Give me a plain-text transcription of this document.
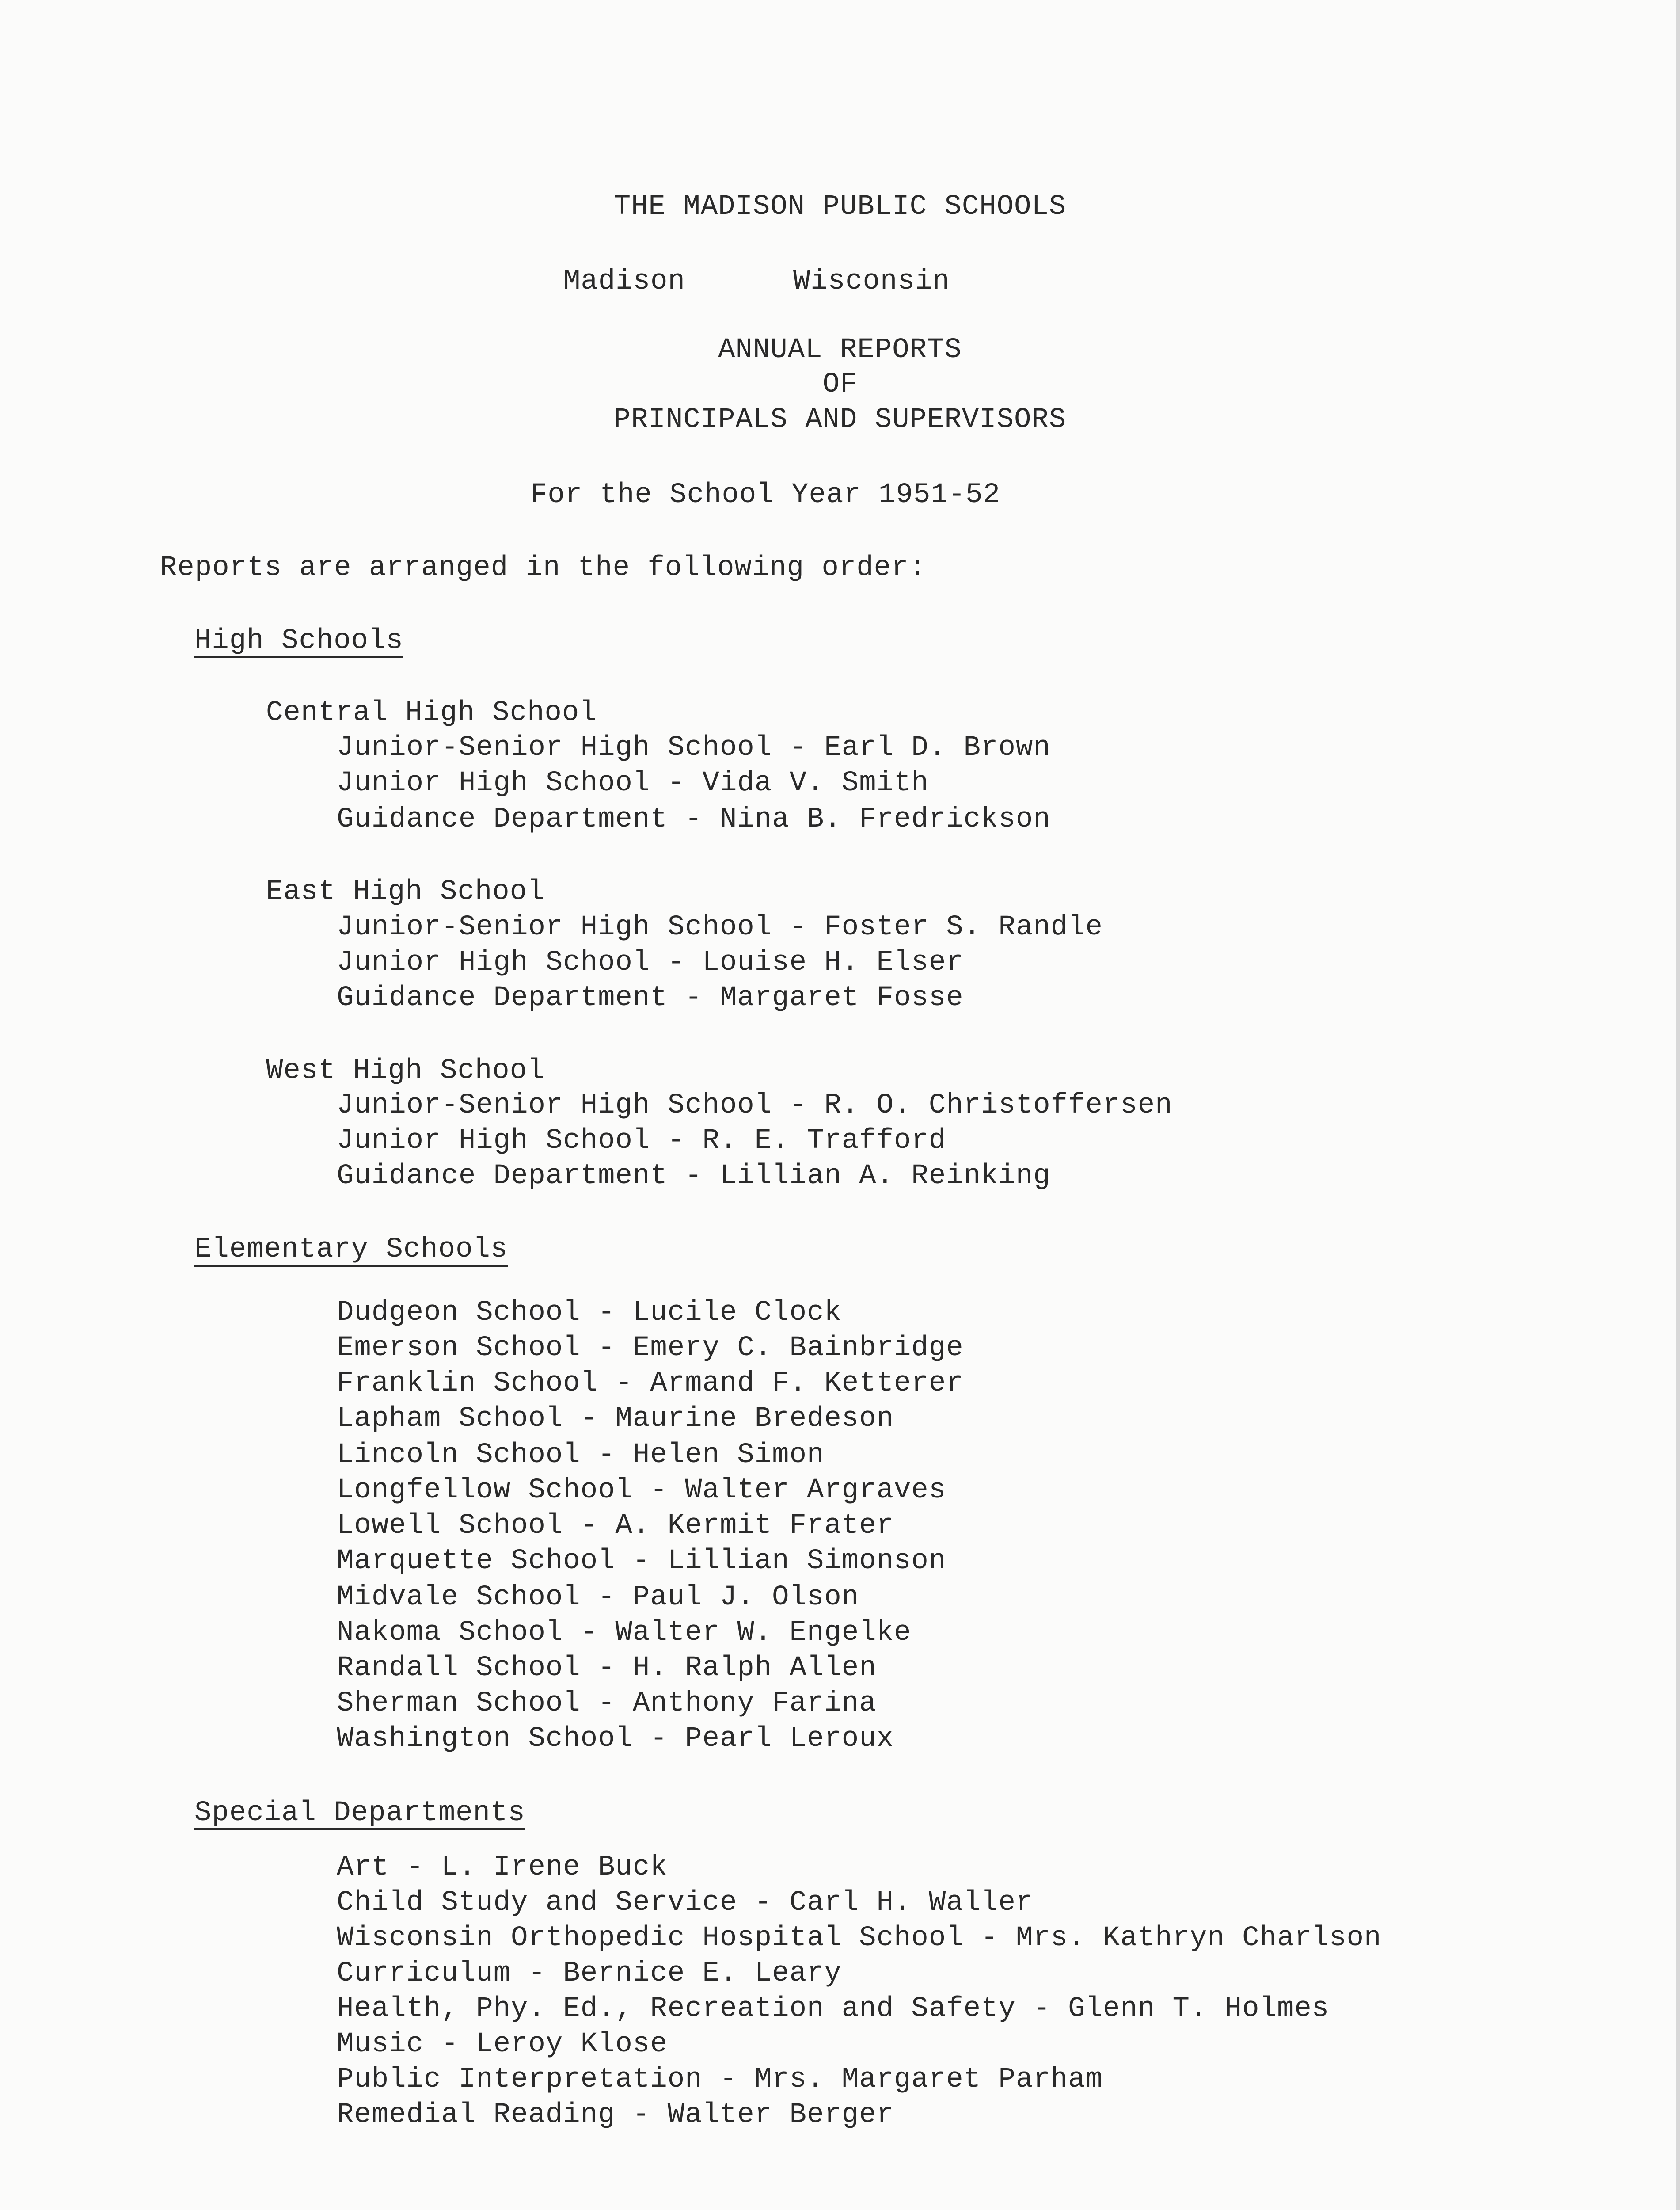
THE MADISON PUBLIC SCHOOLS
Madison	Wisconsin
ANNUAL REPORTS
OF
PRINCIPALS AND SUPERVISORS
For the School Year 1951-52
Reports are arranged in the following order:
High Schools
Central High School
Junior-Senior High School - Earl D. Brown
Junior High School - Vida V. Smith
Guidance Department - Nina B. Fredrickson
East High School
Junior-Senior High School - Foster S. Randle
Junior High School - Louise H. Elser
Guidance Department - Margaret Fosse
West High School
Junior-Senior High School - R. O. Christoffersen
Junior High School - R. E. Trafford
Guidance Department - Lillian A. Reinking
Elementary Schools
Dudgeon School - Lucile Clock
Emerson School - Emery C. Bainbridge
Franklin School - Armand F. Ketterer
Lapham School - Maurine Bredeson
Lincoln School - Helen Simon
Longfellow School - Walter Argraves
Lowell School - A. Kermit Frater
Marquette School - Lillian Simonson
Midvale School - Paul J. Olson
Nakoma School - Walter W. Engelke
Randall School - H. Ralph Allen
Sherman School - Anthony Farina
Washington School - Pearl Leroux
Special Departments
Art - L. Irene Buck
Child Study and Service - Carl H. Waller
Wisconsin Orthopedic Hospital School - Mrs. Kathryn Charlson
Curriculum - Bernice E. Leary
Health, Phy. Ed., Recreation and Safety - Glenn T. Holmes
Music - Leroy Klose
Public Interpretation - Mrs. Margaret Parham
Remedial Reading - Walter Berger
